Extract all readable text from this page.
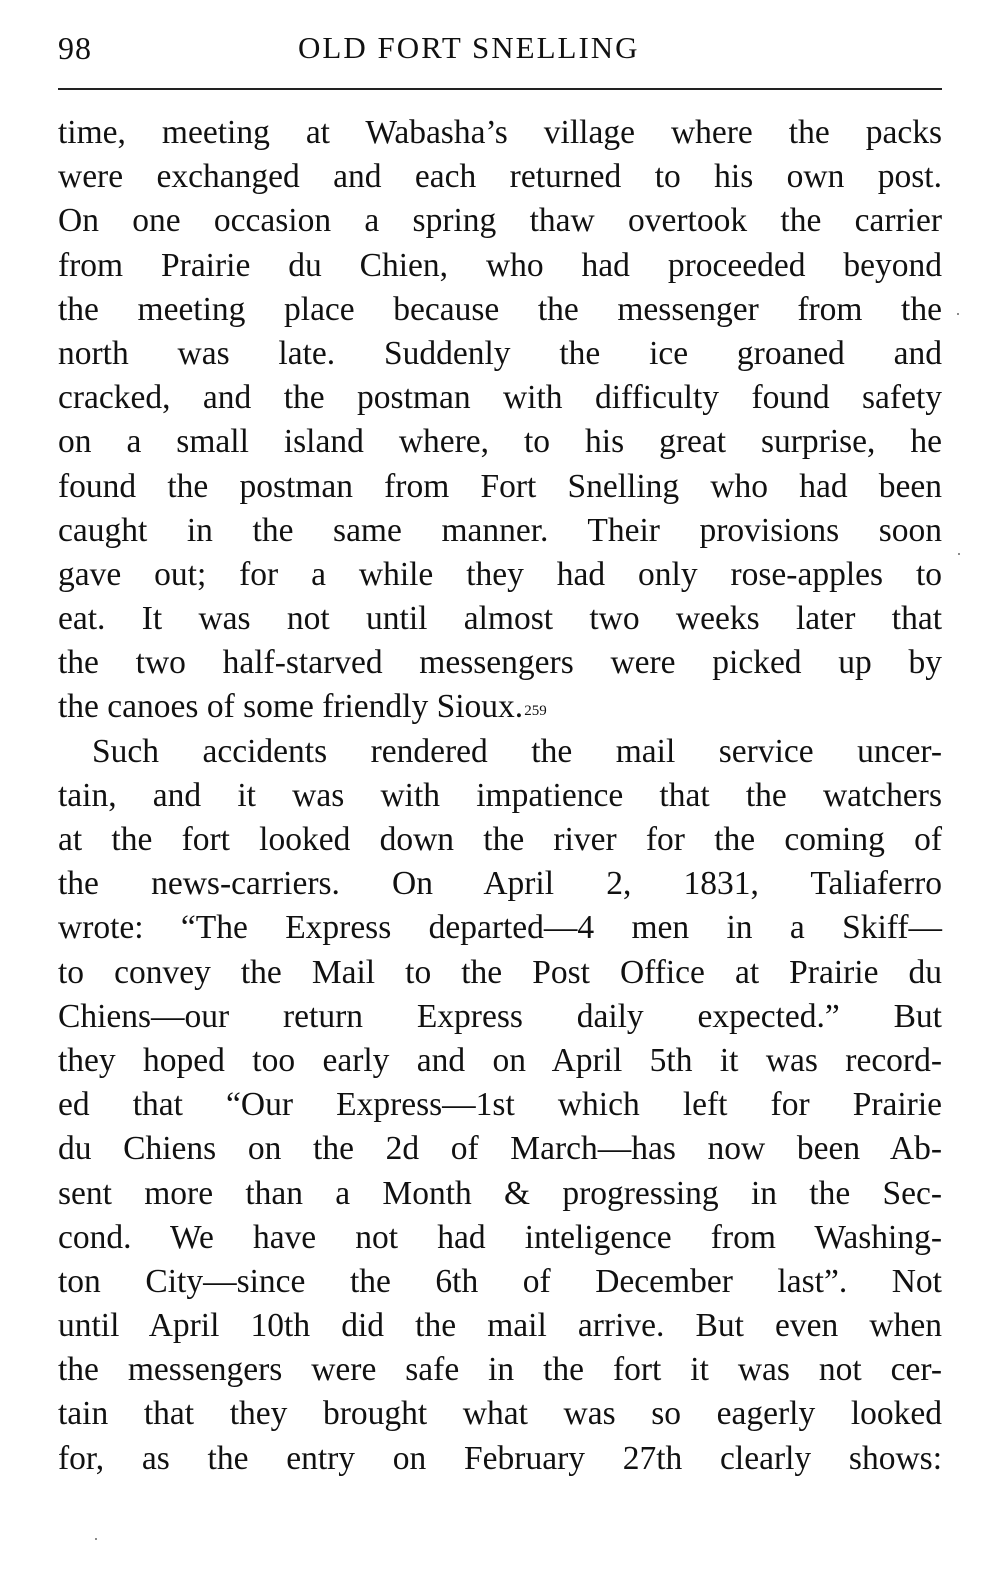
98	OLD FORT SNELLING
time, meeting at Wabasha’s village where the packs
were exchanged and each returned to his own post.
On one occasion a spring thaw overtook the carrier
from Prairie du Chien, who had proceeded beyond
the meeting place because the messenger from the
north was late. Suddenly the ice groaned and
cracked, and the postman with difficulty found safety
on a small island where, to his great surprise, he
found the postman from Fort Snelling who had been
caught in the same manner. Their provisions soon
gave out; for a while they had only rose-apples to
eat. It was not until almost two weeks later that
the two half-starved messengers were picked up by
the canoes of some friendly Sioux.$^{259}$
Such accidents rendered the mail service uncer-
tain, and it was with impatience that the watchers
at the fort looked down the river for the coming of
the news-carriers. On April 2, 1831, Taliaferro
wrote: “The Express departed—4 men in a Skiff—
to convey the Mail to the Post Office at Prairie du
Chiens—our return Express daily expected.” But
they hoped too early and on April 5th it was record-
ed that “Our Express—1st which left for Prairie
du Chiens on the 2d of March—has now been Ab-
sent more than a Month & progressing in the Sec-
cond. We have not had inteligence from Washing-
ton City—since the 6th of December last”. Not
until April 10th did the mail arrive. But even when
the messengers were safe in the fort it was not cer-
tain that they brought what was so eagerly looked
for, as the entry on February 27th clearly shows:
